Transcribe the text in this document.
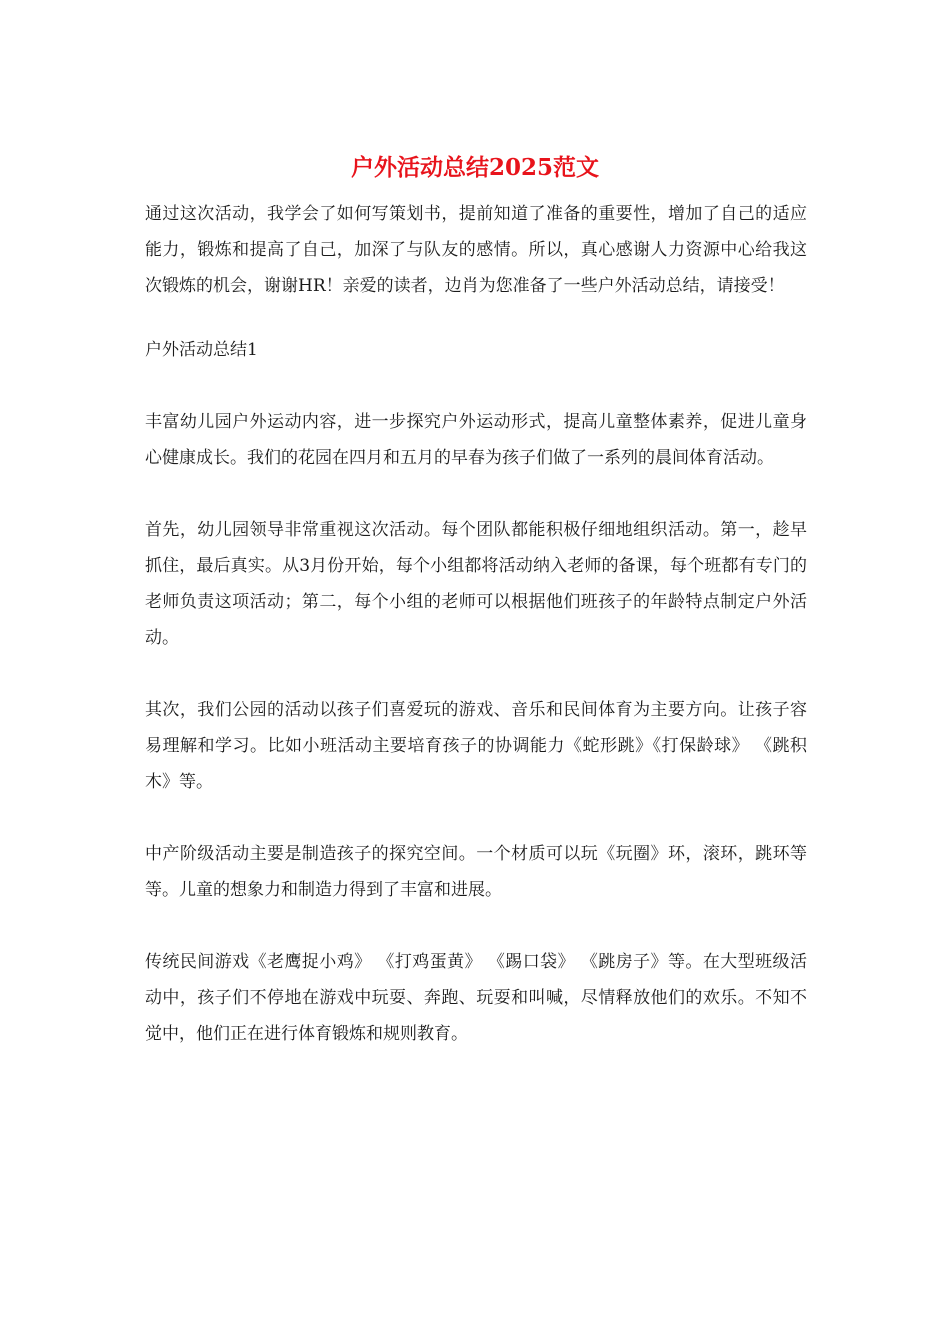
户外活动总结2025范文

通过这次活动，我学会了如何写策划书，提前知道了准备的重要性，增加了自己的适应能力，锻炼和提高了自己，加深了与队友的感情。所以，真心感谢人力资源中心给我这次锻炼的机会，谢谢HR！亲爱的读者，边肖为您准备了一些户外活动总结，请接受！

户外活动总结1

丰富幼儿园户外运动内容，进一步探究户外运动形式，提高儿童整体素养，促进儿童身心健康成长。我们的花园在四月和五月的早春为孩子们做了一系列的晨间体育活动。

首先，幼儿园领导非常重视这次活动。每个团队都能积极仔细地组织活动。第一，趁早抓住，最后真实。从3月份开始，每个小组都将活动纳入老师的备课，每个班都有专门的老师负责这项活动；第二，每个小组的老师可以根据他们班孩子的年龄特点制定户外活动。

其次，我们公园的活动以孩子们喜爱玩的游戏、音乐和民间体育为主要方向。让孩子容易理解和学习。比如小班活动主要培育孩子的协调能力《蛇形跳》《打保龄球》 《跳积木》等。

中产阶级活动主要是制造孩子的探究空间。一个材质可以玩《玩圈》环，滚环，跳环等等。儿童的想象力和制造力得到了丰富和进展。

传统民间游戏《老鹰捉小鸡》 《打鸡蛋黄》 《踢口袋》 《跳房子》等。在大型班级活动中，孩子们不停地在游戏中玩耍、奔跑、玩耍和叫喊，尽情释放他们的欢乐。不知不觉中，他们正在进行体育锻炼和规则教育。
